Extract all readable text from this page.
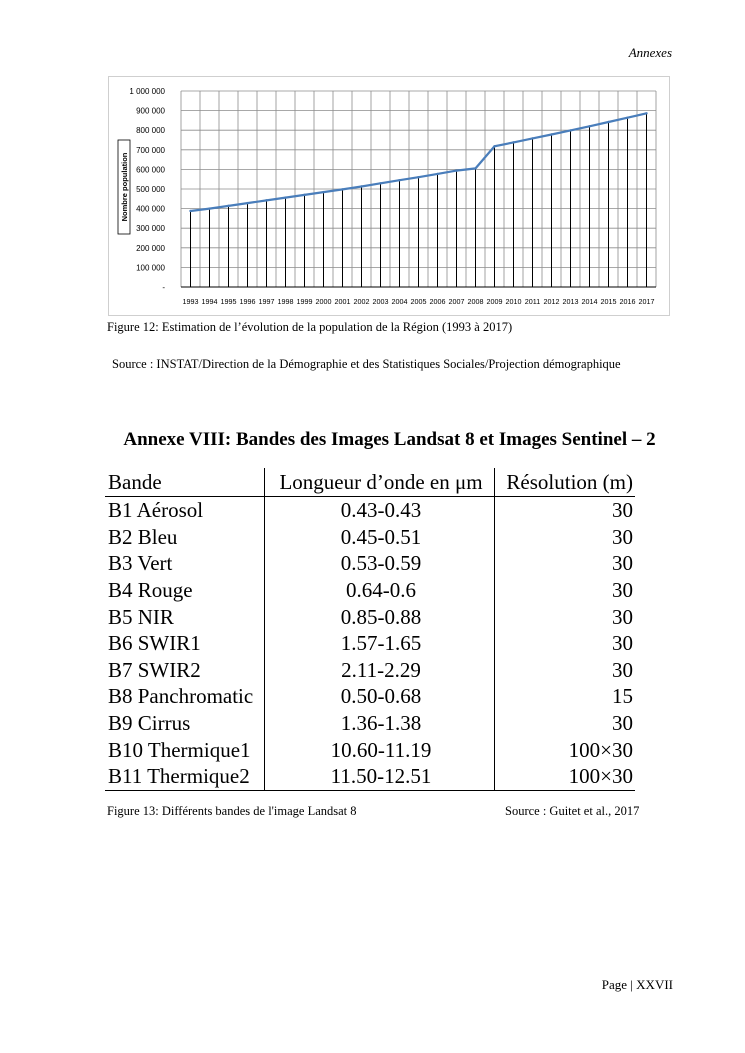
Annexes
-
100 000
200 000
300 000
400 000
500 000
600 000
700 000
800 000
900 000
1 000 000
1993 1994 1995 1996 1997 1998 1999 2000 2001 2002 2003 2004 2005 2006 2007 2008 2009 2010 2011 2012 2013 2014 2015 2016 2017
Nombre population
Figure 12: Estimation de l’évolution de la population de la Région (1993 à 2017)
Source : INSTAT/Direction de la Démographie et des Statistiques Sociales/Projection démographique
Annexe VIII: Bandes des Images Landsat 8 et Images Sentinel – 2
Bande	Longueur d’onde en μm	Résolution (m)
B1 Aérosol	0.43-0.43	30
B2 Bleu	0.45-0.51	30
B3 Vert	0.53-0.59	30
B4 Rouge	0.64-0.6	30
B5 NIR	0.85-0.88	30
B6 SWIR1	1.57-1.65	30
B7 SWIR2	2.11-2.29	30
B8 Panchromatic	0.50-0.68	15
B9 Cirrus	1.36-1.38	30
B10 Thermique1	10.60-11.19	100×30
B11 Thermique2	11.50-12.51	100×30
Figure 13: Différents bandes de l'image Landsat 8	Source : Guitet et al., 2017
Page | XXVII
